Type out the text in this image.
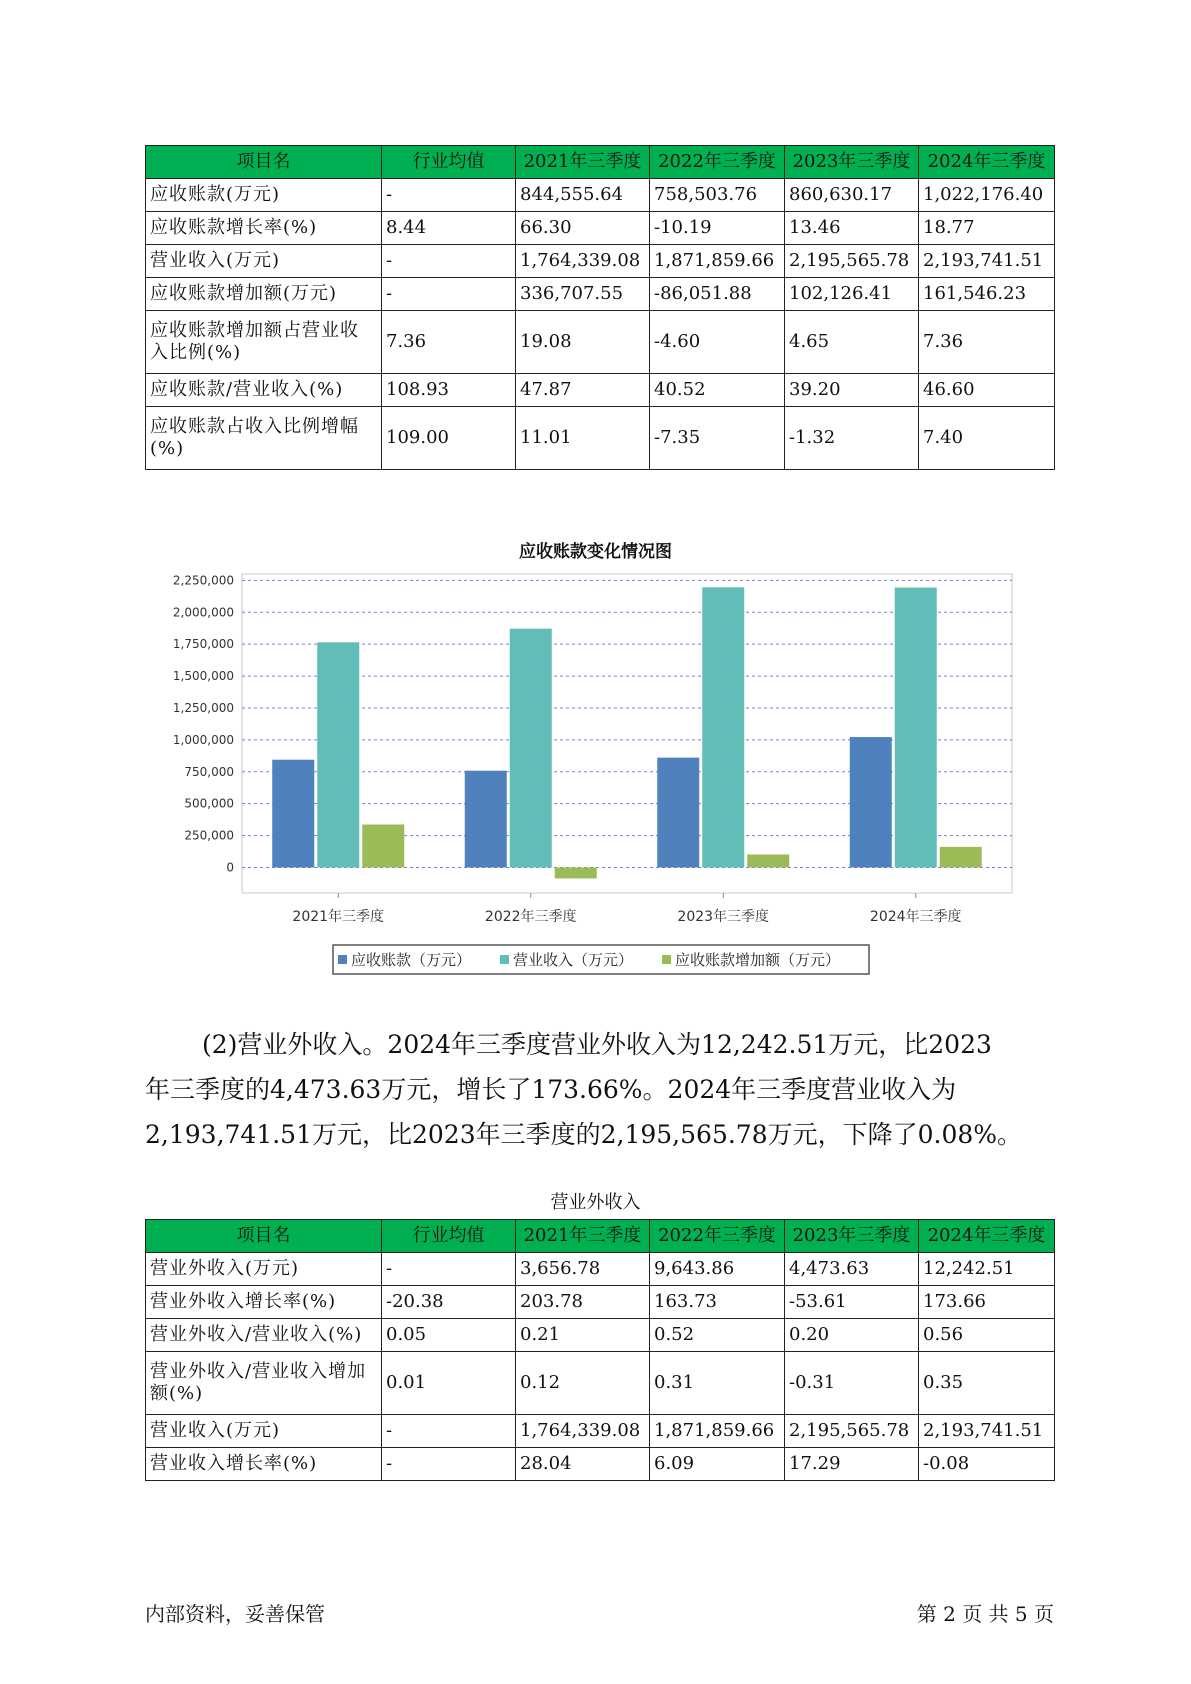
项目名	行业均值	2021年三季度	2022年三季度	2023年三季度	2024年三季度
应收账款(万元)	-	844,555.64	758,503.76	860,630.17	1,022,176.40
应收账款增长率(%)	8.44	66.30	-10.19	13.46	18.77
营业收入(万元)	-	1,764,339.08	1,871,859.66	2,195,565.78	2,193,741.51
应收账款增加额(万元)	-	336,707.55	-86,051.88	102,126.41	161,546.23
应收账款增加额占营业收入比例(%)	7.36	19.08	-4.60	4.65	7.36
应收账款/营业收入(%)	108.93	47.87	40.52	39.20	46.60
应收账款占收入比例增幅(%)	109.00	11.01	-7.35	-1.32	7.40
应收账款变化情况图
0
250,000
500,000
750,000
1,000,000
1,250,000
1,500,000
1,750,000
2,000,000
2,250,000
2021年三季度	2022年三季度	2023年三季度	2024年三季度
应收账款（万元）	营业收入（万元）	应收账款增加额（万元）

(2)营业外收入。2024年三季度营业外收入为12,242.51万元，比2023

年三季度的4,473.63万元，增长了173.66%。2024年三季度营业收入为

2,193,741.51万元，比2023年三季度的2,195,565.78万元，下降了0.08%。

营业外收入
项目名	行业均值	2021年三季度	2022年三季度	2023年三季度	2024年三季度
营业外收入(万元)	-	3,656.78	9,643.86	4,473.63	12,242.51
营业外收入增长率(%)	-20.38	203.78	163.73	-53.61	173.66
营业外收入/营业收入(%)	0.05	0.21	0.52	0.20	0.56
营业外收入/营业收入增加额(%)	0.01	0.12	0.31	-0.31	0.35
营业收入(万元)	-	1,764,339.08	1,871,859.66	2,195,565.78	2,193,741.51
营业收入增长率(%)	-	28.04	6.09	17.29	-0.08
内部资料，妥善保管	第 2 页 共 5 页
